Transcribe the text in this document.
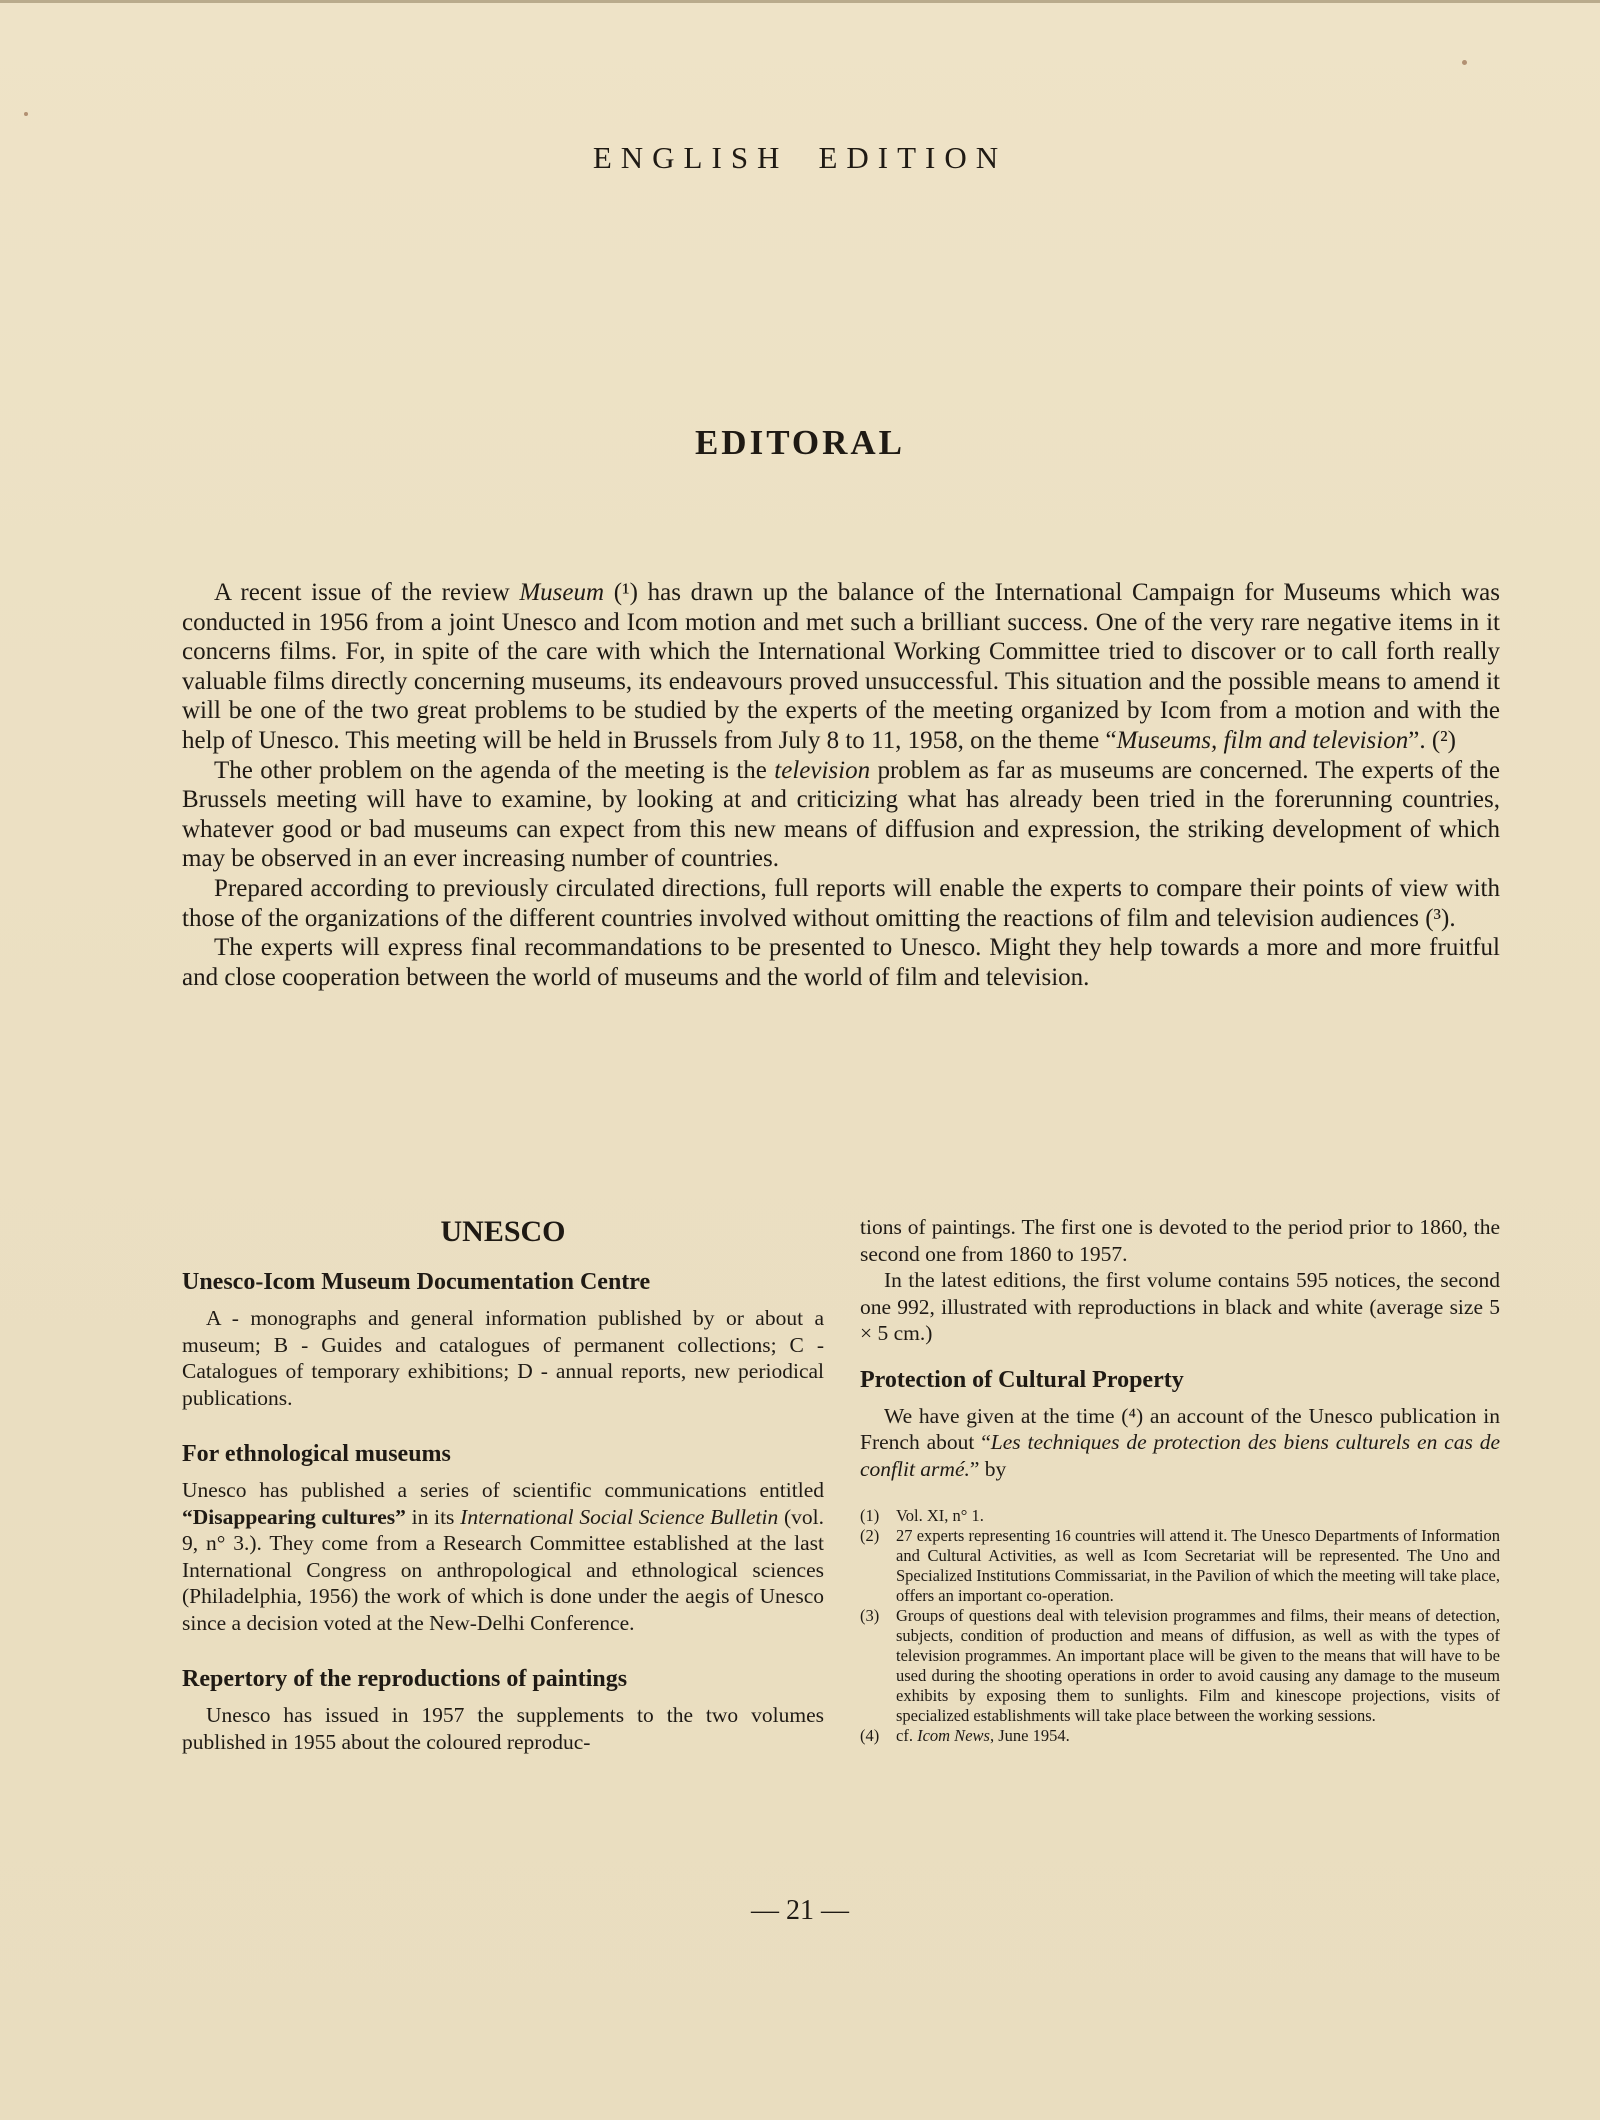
ENGLISH EDITION
EDITORAL

A recent issue of the review Museum (¹) has drawn up the balance of the International Campaign for Museums which was conducted in 1956 from a joint Unesco and Icom motion and met such a brilliant success. One of the very rare negative items in it concerns films. For, in spite of the care with which the International Working Committee tried to discover or to call forth really valuable films directly concerning museums, its endeavours proved unsuccessful. This situation and the possible means to amend it will be one of the two great problems to be studied by the experts of the meeting organized by Icom from a motion and with the help of Unesco. This meeting will be held in Brussels from July 8 to 11, 1958, on the theme “Museums, film and television”. (²)

The other problem on the agenda of the meeting is the television problem as far as museums are concerned. The experts of the Brussels meeting will have to examine, by looking at and criticizing what has already been tried in the forerunning countries, whatever good or bad museums can expect from this new means of diffusion and expression, the striking development of which may be observed in an ever increasing number of countries.

Prepared according to previously circulated directions, full reports will enable the experts to compare their points of view with those of the organizations of the different countries involved without omitting the reactions of film and television audiences (³).

The experts will express final recommandations to be presented to Unesco. Might they help towards a more and more fruitful and close cooperation between the world of museums and the world of film and television.

UNESCO
Unesco-Icom Museum Documentation Centre

A - monographs and general information published by or about a museum; B - Guides and catalogues of permanent collections; C - Catalogues of temporary exhibitions; D - annual reports, new periodical publications.

For ethnological museums

Unesco has published a series of scientific communications entitled “Disappearing cultures” in its International Social Science Bulletin (vol. 9, n° 3.). They come from a Research Committee established at the last International Congress on anthropological and ethnological sciences (Philadelphia, 1956) the work of which is done under the aegis of Unesco since a decision voted at the New-Delhi Conference.

Repertory of the reproductions of paintings

Unesco has issued in 1957 the supplements to the two volumes published in 1955 about the coloured reproduc-

tions of paintings. The first one is devoted to the period prior to 1860, the second one from 1860 to 1957.

In the latest editions, the first volume contains 595 notices, the second one 992, illustrated with reproductions in black and white (average size 5 × 5 cm.)

Protection of Cultural Property

We have given at the time (⁴) an account of the Unesco publication in French about “Les techniques de protection des biens culturels en cas de conflit armé.” by

(1)	Vol. XI, n° 1.
(2)	27 experts representing 16 countries will attend it. The Unesco Departments of Information and Cultural Activities, as well as Icom Secretariat will be represented. The Uno and Specialized Institutions Commissariat, in the Pavilion of which the meeting will take place, offers an important co-operation.
(3)	Groups of questions deal with television programmes and films, their means of detection, subjects, condition of production and means of diffusion, as well as with the types of television programmes. An important place will be given to the means that will have to be used during the shooting operations in order to avoid causing any damage to the museum exhibits by exposing them to sunlights. Film and kinescope projections, visits of specialized establishments will take place between the working sessions.
(4)	cf. Icom News, June 1954.
— 21 —
